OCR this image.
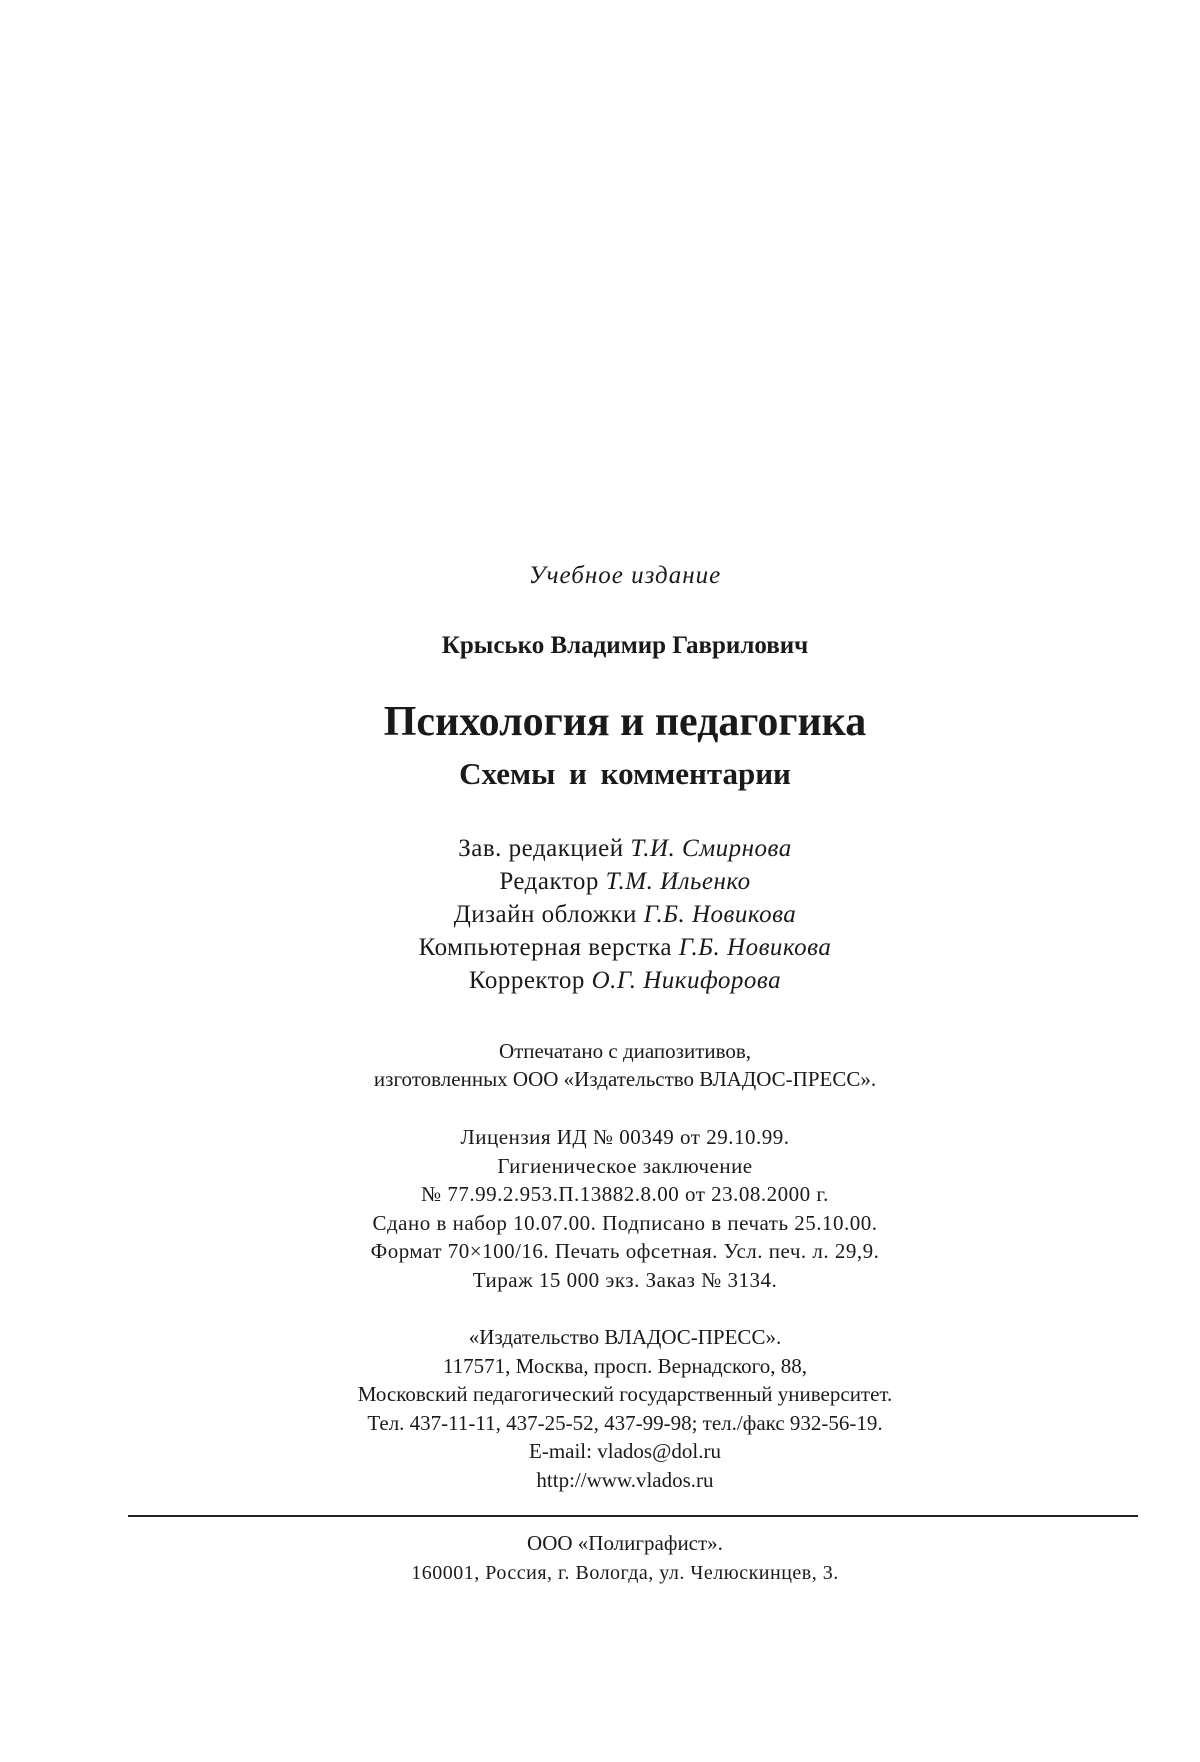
Учебное издание
Крысько Владимир Гаврилович
Психология и педагогика
Схемы и комментарии
Зав. редакцией Т.И. Смирнова
Редактор Т.М. Ильенко
Дизайн обложки Г.Б. Новикова
Компьютерная верстка Г.Б. Новикова
Корректор О.Г. Никифорова
Отпечатано с диапозитивов,
изготовленных ООО «Издательство ВЛАДОС-ПРЕСС».
Лицензия ИД № 00349 от 29.10.99.
Гигиеническое заключение
№ 77.99.2.953.П.13882.8.00 от 23.08.2000 г.
Сдано в набор 10.07.00. Подписано в печать 25.10.00.
Формат 70×100/16. Печать офсетная. Усл. печ. л. 29,9.
Тираж 15 000 экз. Заказ № 3134.
«Издательство ВЛАДОС-ПРЕСС».
117571, Москва, просп. Вернадского, 88,
Московский педагогический государственный университет.
Тел. 437-11-11, 437-25-52, 437-99-98; тел./факс 932-56-19.
E-mail: vlados@dol.ru
http://www.vlados.ru
ООО «Полиграфист».
160001, Россия, г. Вологда, ул. Челюскинцев, 3.
